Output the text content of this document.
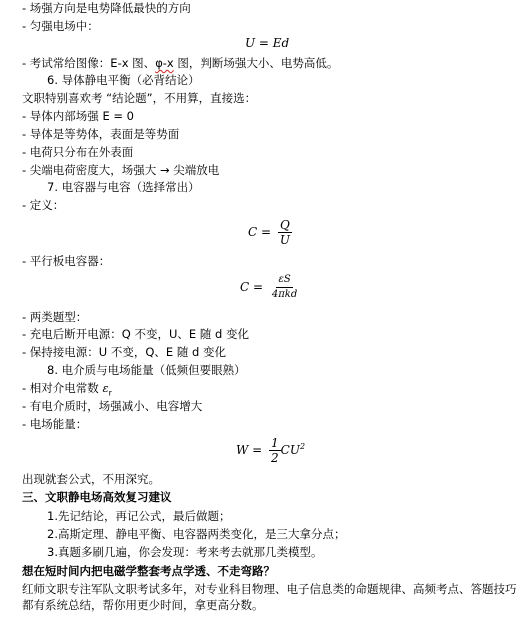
- 场强方向是电势降低最快的方向
- 匀强电场中：
U = Ed
- 考试常给图像：E-x 图、φ-x 图，判断场强大小、电势高低。
6. 导体静电平衡（必背结论）
文职特别喜欢考 “结论题”，不用算，直接选：
- 导体内部场强 E = 0
- 导体是等势体，表面是等势面
- 电荷只分布在外表面
- 尖端电荷密度大，场强大 → 尖端放电
7. 电容器与电容（选择常出）
- 定义：
$C = \frac{Q}{U}$
- 平行板电容器：
$C = \frac{\varepsilon S}{\text{4πkd}}$
- 两类题型：
- 充电后断开电源：Q 不变，U、E 随 d 变化
- 保持接电源：U 不变，Q、E 随 d 变化
8. 电介质与电场能量（低频但要眼熟）
- 相对介电常数 $\varepsilon_r$
- 有电介质时，场强减小、电容增大
- 电场能量：
$W = \frac{1}{2} CU^2$
出现就套公式，不用深究。
三、文职静电场高效复习建议
1.先记结论，再记公式，最后做题；
2.高斯定理、静电平衡、电容器两类变化，是三大拿分点；
3.真题多刷几遍，你会发现：考来考去就那几类模型。
想在短时间内把电磁学整套考点学透、不走弯路？
红师文职专注军队文职考试多年，对专业科目物理、电子信息类的命题规律、高频考点、答题技巧都有系统总结，帮你用更少时间，拿更高分数。
